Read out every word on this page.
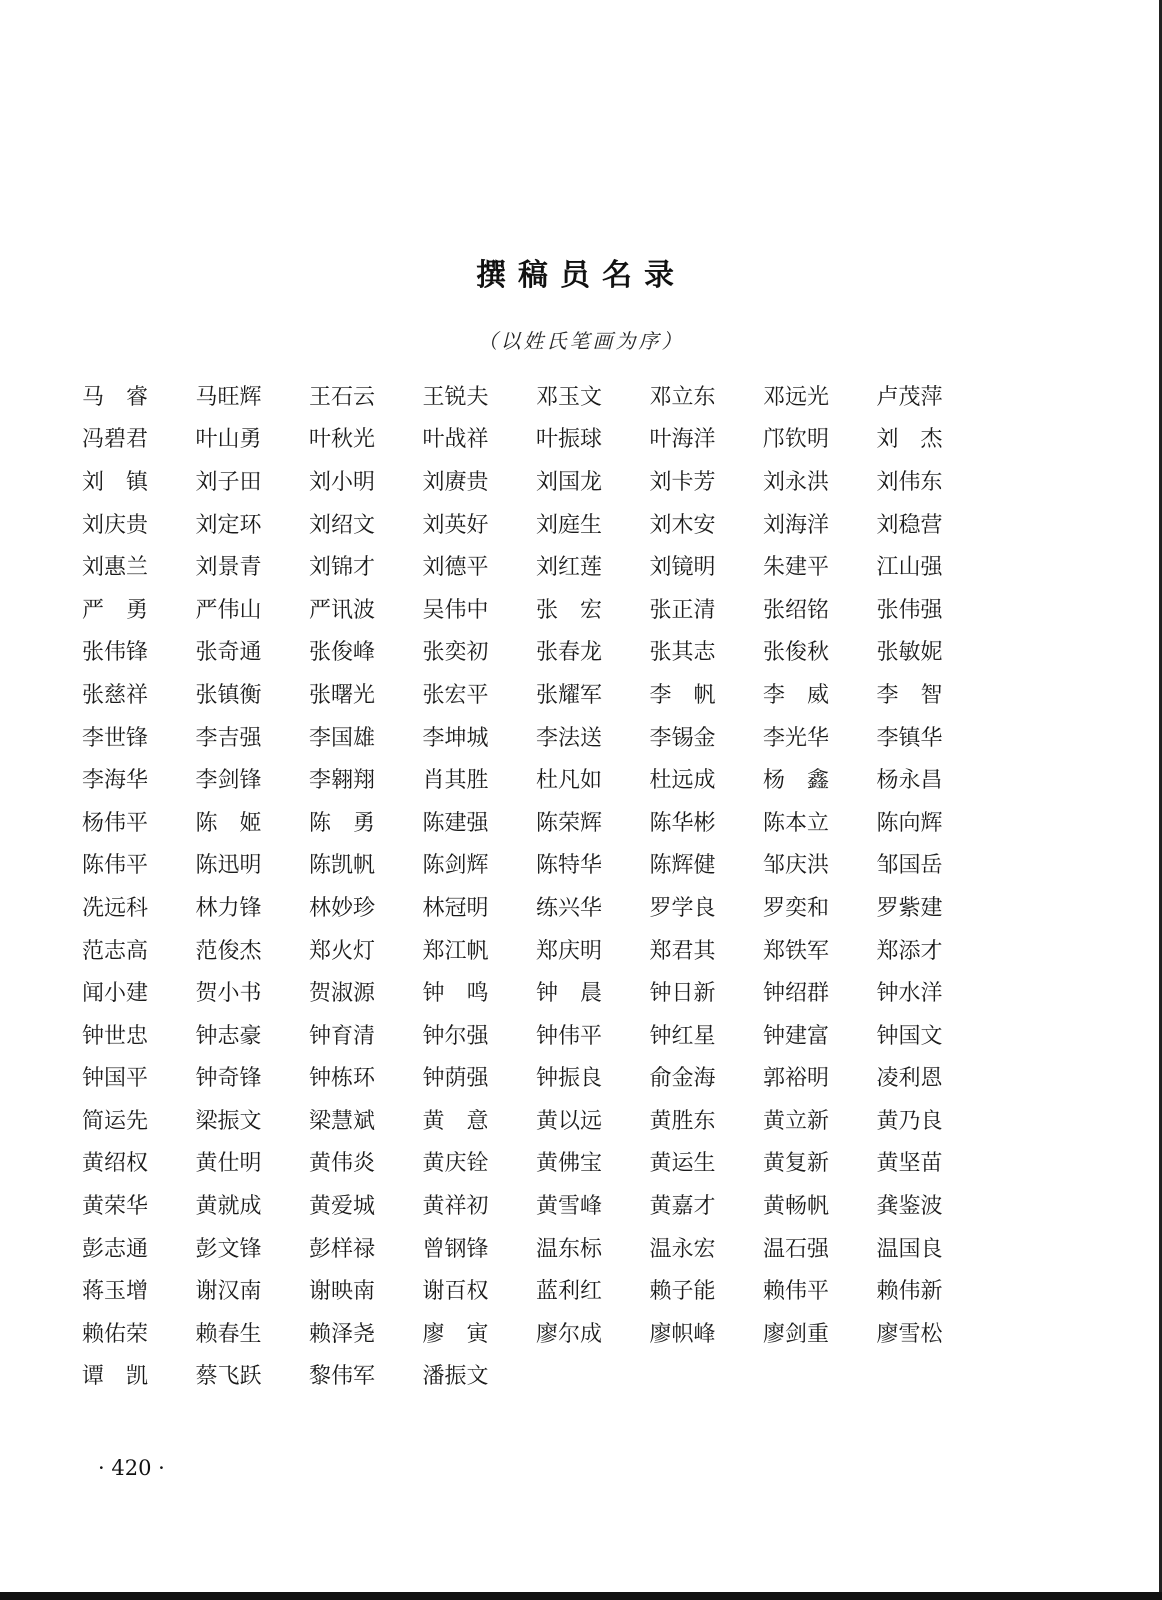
撰稿员名录
（以姓氏笔画为序）
马　睿	马旺辉	王石云	王锐夫	邓玉文	邓立东	邓远光	卢茂萍
冯碧君	叶山勇	叶秋光	叶战祥	叶振球	叶海洋	邝钦明	刘　杰
刘　镇	刘子田	刘小明	刘赓贵	刘国龙	刘卡芳	刘永洪	刘伟东
刘庆贵	刘定环	刘绍文	刘英好	刘庭生	刘木安	刘海洋	刘稳营
刘惠兰	刘景青	刘锦才	刘德平	刘红莲	刘镜明	朱建平	江山强
严　勇	严伟山	严讯波	吴伟中	张　宏	张正清	张绍铭	张伟强
张伟锋	张奇通	张俊峰	张奕初	张春龙	张其志	张俊秋	张敏妮
张慈祥	张镇衡	张曙光	张宏平	张耀军	李　帆	李　威	李　智
李世锋	李吉强	李国雄	李坤城	李法送	李锡金	李光华	李镇华
李海华	李剑锋	李翱翔	肖其胜	杜凡如	杜远成	杨　鑫	杨永昌
杨伟平	陈　姬	陈　勇	陈建强	陈荣辉	陈华彬	陈本立	陈向辉
陈伟平	陈迅明	陈凯帆	陈剑辉	陈特华	陈辉健	邹庆洪	邹国岳
冼远科	林力锋	林妙珍	林冠明	练兴华	罗学良	罗奕和	罗紫建
范志高	范俊杰	郑火灯	郑江帆	郑庆明	郑君其	郑铁军	郑添才
闻小建	贺小书	贺淑源	钟　鸣	钟　晨	钟日新	钟绍群	钟水洋
钟世忠	钟志豪	钟育清	钟尔强	钟伟平	钟红星	钟建富	钟国文
钟国平	钟奇锋	钟栋环	钟荫强	钟振良	俞金海	郭裕明	凌利恩
简运先	梁振文	梁慧斌	黄　意	黄以远	黄胜东	黄立新	黄乃良
黄绍权	黄仕明	黄伟炎	黄庆铨	黄佛宝	黄运生	黄复新	黄坚苗
黄荣华	黄就成	黄爱城	黄祥初	黄雪峰	黄嘉才	黄畅帆	龚鉴波
彭志通	彭文锋	彭样禄	曾钢锋	温东标	温永宏	温石强	温国良
蒋玉增	谢汉南	谢映南	谢百权	蓝利红	赖子能	赖伟平	赖伟新
赖佑荣	赖春生	赖泽尧	廖　寅	廖尔成	廖帜峰	廖剑重	廖雪松
谭　凯	蔡飞跃	黎伟军	潘振文
· 420 ·
